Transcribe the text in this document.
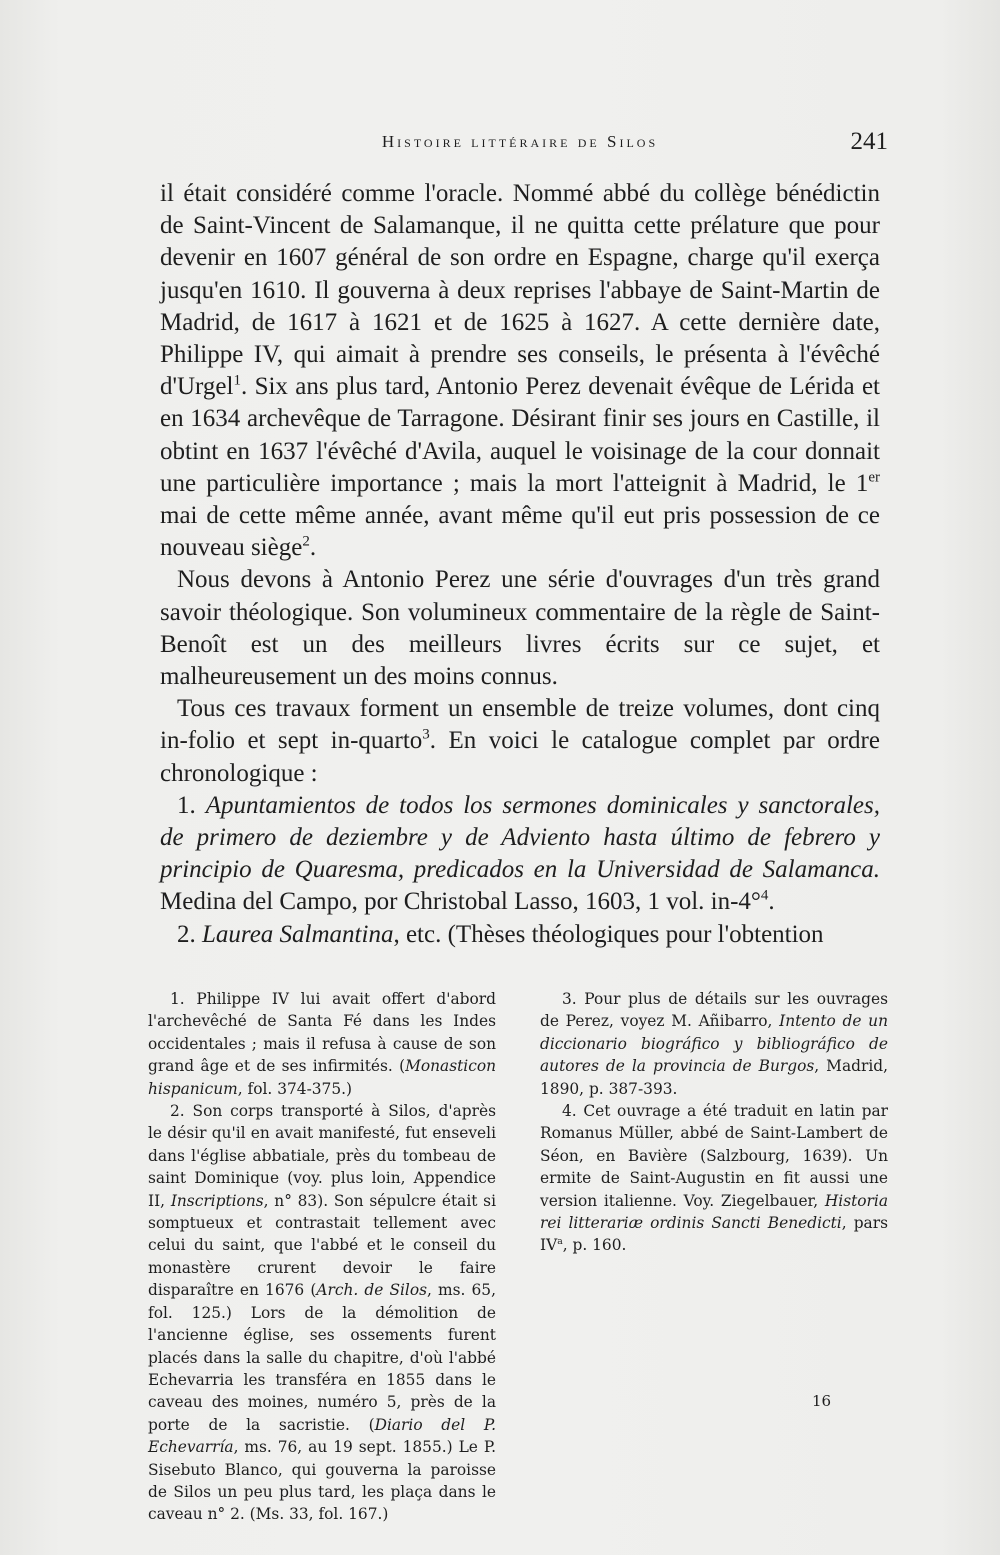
Histoire littéraire de Silos	241

il était considéré comme l'oracle. Nommé abbé du collège bénédictin de Saint-Vincent de Salamanque, il ne quitta cette prélature que pour devenir en 1607 général de son ordre en Espagne, charge qu'il exerça jusqu'en 1610. Il gouverna à deux reprises l'abbaye de Saint-Martin de Madrid, de 1617 à 1621 et de 1625 à 1627. A cette dernière date, Philippe IV, qui aimait à prendre ses conseils, le présenta à l'évêché d'Urgel$^1$. Six ans plus tard, Antonio Perez devenait évêque de Lérida et en 1634 archevêque de Tarragone. Désirant finir ses jours en Castille, il obtint en 1637 l'évêché d'Avila, auquel le voisinage de la cour donnait une particulière importance ; mais la mort l'atteignit à Madrid, le 1er mai de cette même année, avant même qu'il eut pris possession de ce nouveau siège$^2$.

Nous devons à Antonio Perez une série d'ouvrages d'un très grand savoir théologique. Son volumineux commentaire de la règle de Saint-Benoît est un des meilleurs livres écrits sur ce sujet, et malheureusement un des moins connus.

Tous ces travaux forment un ensemble de treize volumes, dont cinq in-folio et sept in-quarto$^3$. En voici le catalogue complet par ordre chronologique :

1. Apuntamientos de todos los sermones dominicales y sanctorales, de primero de deziembre y de Adviento hasta último de febrero y principio de Quaresma, predicados en la Universidad de Salamanca. Medina del Campo, por Christobal Lasso, 1603, 1 vol. in-4°$^4$.

2. Laurea Salmantina, etc. (Thèses théologiques pour l'obtention

1. Philippe IV lui avait offert d'abord l'archevêché de Santa Fé dans les Indes occidentales ; mais il refusa à cause de son grand âge et de ses infirmités. (Monasticon hispanicum, fol. 374-375.)

2. Son corps transporté à Silos, d'après le désir qu'il en avait manifesté, fut enseveli dans l'église abbatiale, près du tombeau de saint Dominique (voy. plus loin, Appendice II, Inscriptions, n° 83). Son sépulcre était si somptueux et contrastait tellement avec celui du saint, que l'abbé et le conseil du monastère crurent devoir le faire disparaître en 1676 (Arch. de Silos, ms. 65, fol. 125.) Lors de la démolition de l'ancienne église, ses ossements furent placés dans la salle du chapitre, d'où l'abbé Echevarria les transféra en 1855 dans le caveau des moines, numéro 5, près de la porte de la sacristie. (Diario del P. Echevarría, ms. 76, au 19 sept. 1855.) Le P. Sisebuto Blanco, qui gouverna la paroisse de Silos un peu plus tard, les plaça dans le caveau n° 2. (Ms. 33, fol. 167.)

3. Pour plus de détails sur les ouvrages de Perez, voyez M. Añibarro, Intento de un diccionario biográfico y bibliográfico de autores de la provincia de Burgos, Madrid, 1890, p. 387-393.

4. Cet ouvrage a été traduit en latin par Romanus Müller, abbé de Saint-Lambert de Séon, en Bavière (Salzbourg, 1639). Un ermite de Saint-Augustin en fit aussi une version italienne. Voy. Ziegelbauer, Historia rei litterariæ ordinis Sancti Benedicti, pars $IV^a$, p. 160.

16
